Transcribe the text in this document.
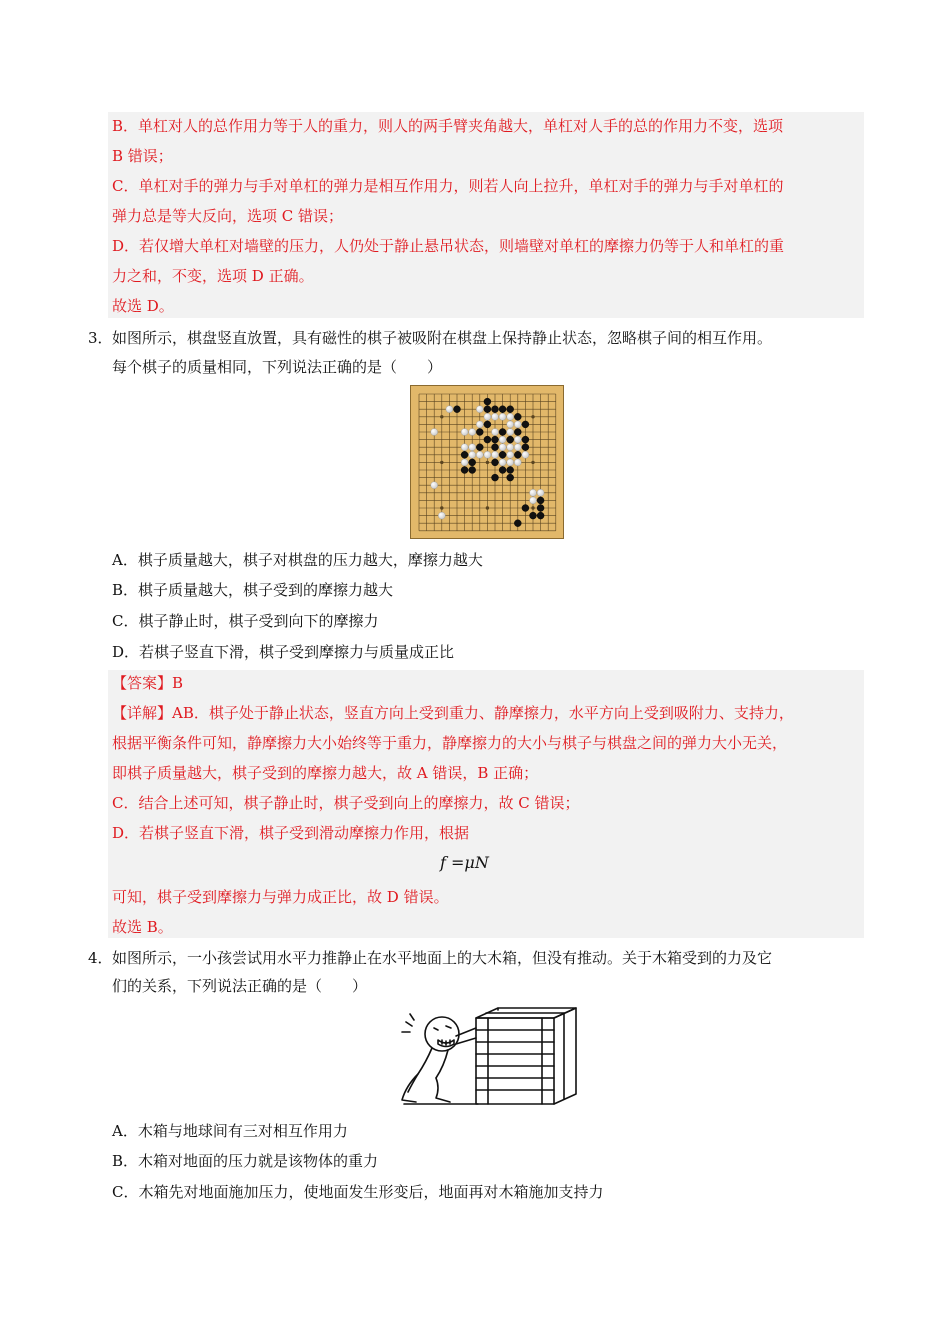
B．单杠对人的总作用力等于人的重力，则人的两手臂夹角越大，单杠对人手的总的作用力不变，选项
B 错误；
C．单杠对手的弹力与手对单杠的弹力是相互作用力，则若人向上拉升，单杠对手的弹力与手对单杠的
弹力总是等大反向，选项 C 错误；
D．若仅增大单杠对墙壁的压力，人仍处于静止悬吊状态，则墙壁对单杠的摩擦力仍等于人和单杠的重
力之和，不变，选项 D 正确。
故选 D。
3．如图所示，棋盘竖直放置，具有磁性的棋子被吸附在棋盘上保持静止状态，忽略棋子间的相互作用。
每个棋子的质量相同，下列说法正确的是（　　）
A．棋子质量越大，棋子对棋盘的压力越大，摩擦力越大
B．棋子质量越大，棋子受到的摩擦力越大
C．棋子静止时，棋子受到向下的摩擦力
D．若棋子竖直下滑，棋子受到摩擦力与质量成正比
【答案】B
【详解】AB．棋子处于静止状态，竖直方向上受到重力、静摩擦力，水平方向上受到吸附力、支持力，
根据平衡条件可知，静摩擦力大小始终等于重力，静摩擦力的大小与棋子与棋盘之间的弹力大小无关，
即棋子质量越大，棋子受到的摩擦力越大，故 A 错误，B 正确；
C．结合上述可知，棋子静止时，棋子受到向上的摩擦力，故 C 错误；
D．若棋子竖直下滑，棋子受到滑动摩擦力作用，根据
f =μN
可知，棋子受到摩擦力与弹力成正比，故 D 错误。
故选 B。
4．如图所示，一小孩尝试用水平力推静止在水平地面上的大木箱，但没有推动。关于木箱受到的力及它
们的关系，下列说法正确的是（　　）
A．木箱与地球间有三对相互作用力
B．木箱对地面的压力就是该物体的重力
C．木箱先对地面施加压力，使地面发生形变后，地面再对木箱施加支持力
